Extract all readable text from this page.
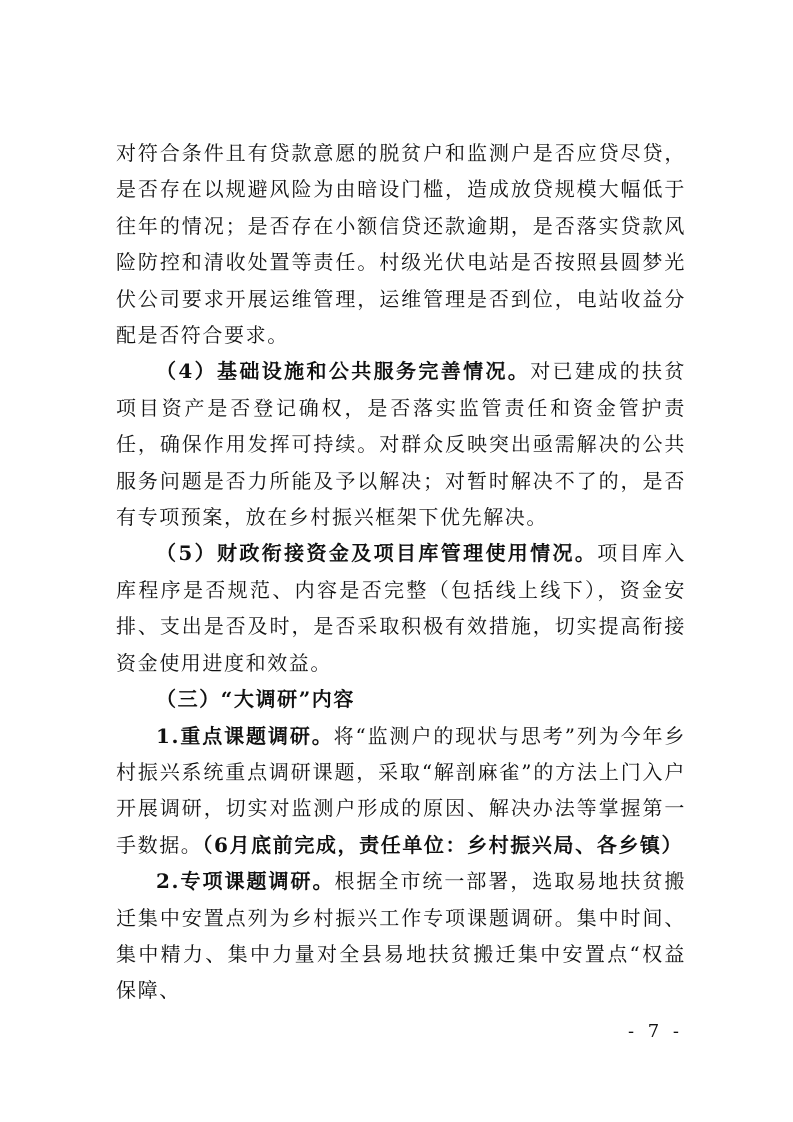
对符合条件且有贷款意愿的脱贫户和监测户是否应贷尽贷，是否存在以规避风险为由暗设门槛，造成放贷规模大幅低于往年的情况；是否存在小额信贷还款逾期，是否落实贷款风险防控和清收处置等责任。村级光伏电站是否按照县圆梦光伏公司要求开展运维管理，运维管理是否到位，电站收益分配是否符合要求。

（4）基础设施和公共服务完善情况。对已建成的扶贫项目资产是否登记确权，是否落实监管责任和资金管护责任，确保作用发挥可持续。对群众反映突出亟需解决的公共服务问题是否力所能及予以解决；对暂时解决不了的，是否有专项预案，放在乡村振兴框架下优先解决。

（5）财政衔接资金及项目库管理使用情况。项目库入库程序是否规范、内容是否完整（包括线上线下），资金安排、支出是否及时，是否采取积极有效措施，切实提高衔接资金使用进度和效益。

（三）“大调研”内容

1.重点课题调研。将“监测户的现状与思考”列为今年乡村振兴系统重点调研课题，采取“解剖麻雀”的方法上门入户开展调研，切实对监测户形成的原因、解决办法等掌握第一手数据。（6月底前完成，责任单位：乡村振兴局、各乡镇）

2.专项课题调研。根据全市统一部署，选取易地扶贫搬迁集中安置点列为乡村振兴工作专项课题调研。集中时间、集中精力、集中力量对全县易地扶贫搬迁集中安置点“权益保障、

- 7 -
